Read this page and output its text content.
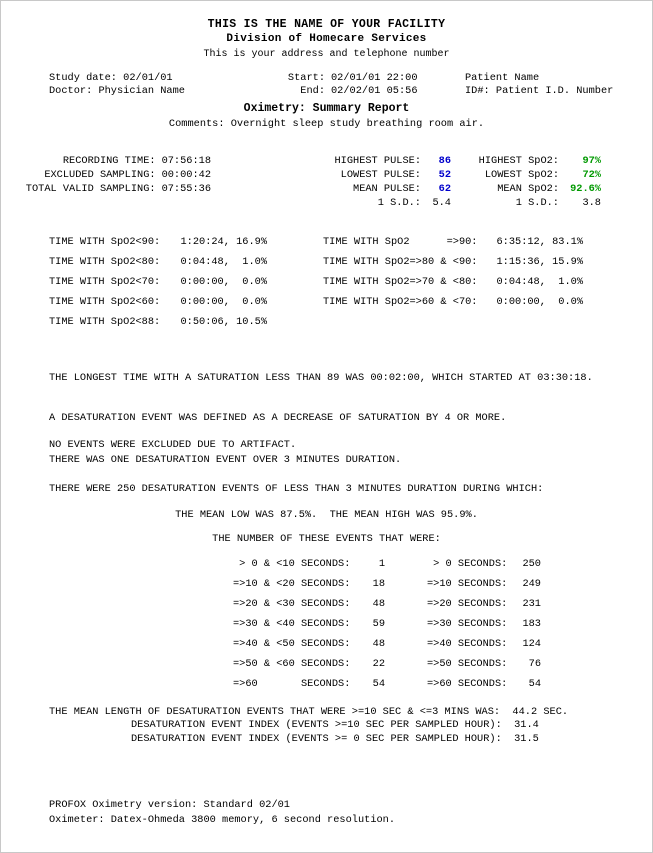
THIS IS THE NAME OF YOUR FACILITY
Division of Homecare Services
This is your address and telephone number
Study date: 02/01/01	Start: 02/01/01 22:00	Patient Name
Doctor: Physician Name	End: 02/02/01 05:56	ID#: Patient I.D. Number
Oximetry: Summary Report
Comments: Overnight sleep study breathing room air.
RECORDING TIME: 07:56:18	HIGHEST PULSE:	86	HIGHEST SpO2:	97%
EXCLUDED SAMPLING: 00:00:42	LOWEST PULSE:	52	LOWEST SpO2:	72%
TOTAL VALID SAMPLING: 07:55:36	MEAN PULSE:	62	MEAN SpO2:	92.6%
1 S.D.:	5.4	1 S.D.:	3.8
TIME WITH SpO2<90:	1:20:24, 16.9%	TIME WITH SpO2      =>90:	6:35:12, 83.1%
TIME WITH SpO2<80:	0:04:48,  1.0%	TIME WITH SpO2=>80 & <90:	1:15:36, 15.9%
TIME WITH SpO2<70:	0:00:00,  0.0%	TIME WITH SpO2=>70 & <80:	0:04:48,  1.0%
TIME WITH SpO2<60:	0:00:00,  0.0%	TIME WITH SpO2=>60 & <70:	0:00:00,  0.0%
TIME WITH SpO2<88:	0:50:06, 10.5%
THE LONGEST TIME WITH A SATURATION LESS THAN 89 WAS 00:02:00, WHICH STARTED AT 03:30:18.
A DESATURATION EVENT WAS DEFINED AS A DECREASE OF SATURATION BY 4 OR MORE.
NO EVENTS WERE EXCLUDED DUE TO ARTIFACT.
THERE WAS ONE DESATURATION EVENT OVER 3 MINUTES DURATION.
THERE WERE 250 DESATURATION EVENTS OF LESS THAN 3 MINUTES DURATION DURING WHICH:
THE MEAN LOW WAS 87.5%.  THE MEAN HIGH WAS 95.9%.
THE NUMBER OF THESE EVENTS THAT WERE:
> 0 & <10 SECONDS:	1	> 0 SECONDS:	250
=>10 & <20 SECONDS:	18	=>10 SECONDS:	249
=>20 & <30 SECONDS:	48	=>20 SECONDS:	231
=>30 & <40 SECONDS:	59	=>30 SECONDS:	183
=>40 & <50 SECONDS:	48	=>40 SECONDS:	124
=>50 & <60 SECONDS:	22	=>50 SECONDS:	76
=>60       SECONDS:	54	=>60 SECONDS:	54
THE MEAN LENGTH OF DESATURATION EVENTS THAT WERE >=10 SEC & <=3 MINS WAS:  44.2 SEC.
DESATURATION EVENT INDEX (EVENTS >=10 SEC PER SAMPLED HOUR):  31.4
DESATURATION EVENT INDEX (EVENTS >= 0 SEC PER SAMPLED HOUR):  31.5
PROFOX Oximetry version: Standard 02/01
Oximeter: Datex-Ohmeda 3800 memory, 6 second resolution.
